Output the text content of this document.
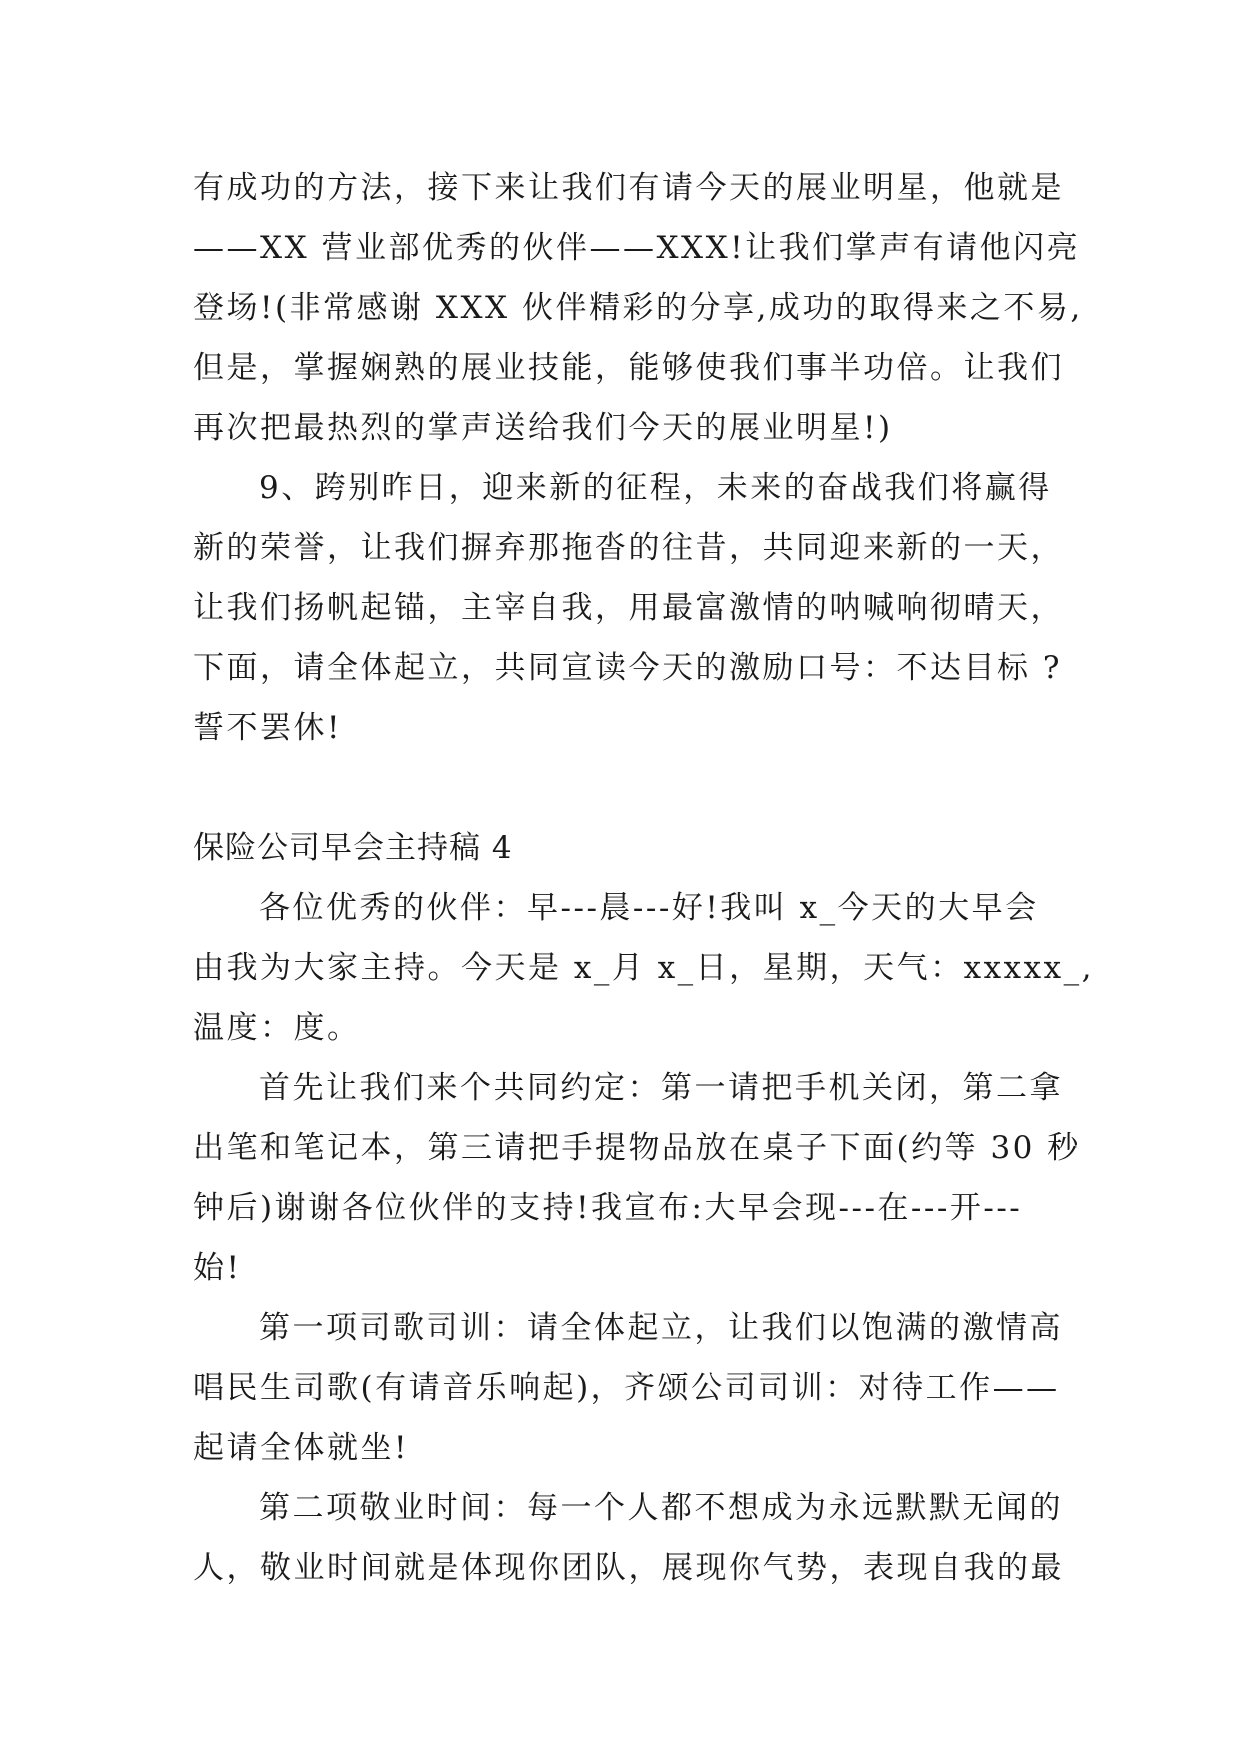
有成功的方法，接下来让我们有请今天的展业明星，他就是
——XX 营业部优秀的伙伴——XXX!让我们掌声有请他闪亮
登场!(非常感谢 XXX 伙伴精彩的分享,成功的取得来之不易,
但是，掌握娴熟的展业技能，能够使我们事半功倍。让我们
再次把最热烈的掌声送给我们今天的展业明星!)
9、跨别昨日，迎来新的征程，未来的奋战我们将赢得
新的荣誉，让我们摒弃那拖沓的往昔，共同迎来新的一天，
让我们扬帆起锚，主宰自我，用最富激情的呐喊响彻晴天，
下面，请全体起立，共同宣读今天的激励口号：不达目标 ?
誓不罢休!
保险公司早会主持稿 4
各位优秀的伙伴：早---晨---好!我叫 x_今天的大早会
由我为大家主持。今天是 x_月 x_日，星期，天气：xxxxx_,
温度：度。
首先让我们来个共同约定：第一请把手机关闭，第二拿
出笔和笔记本，第三请把手提物品放在桌子下面(约等 30 秒
钟后)谢谢各位伙伴的支持!我宣布:大早会现---在---开---
始!
第一项司歌司训：请全体起立，让我们以饱满的激情高
唱民生司歌(有请音乐响起)，齐颂公司司训：对待工作——
起请全体就坐!
第二项敬业时间：每一个人都不想成为永远默默无闻的
人，敬业时间就是体现你团队，展现你气势，表现自我的最
